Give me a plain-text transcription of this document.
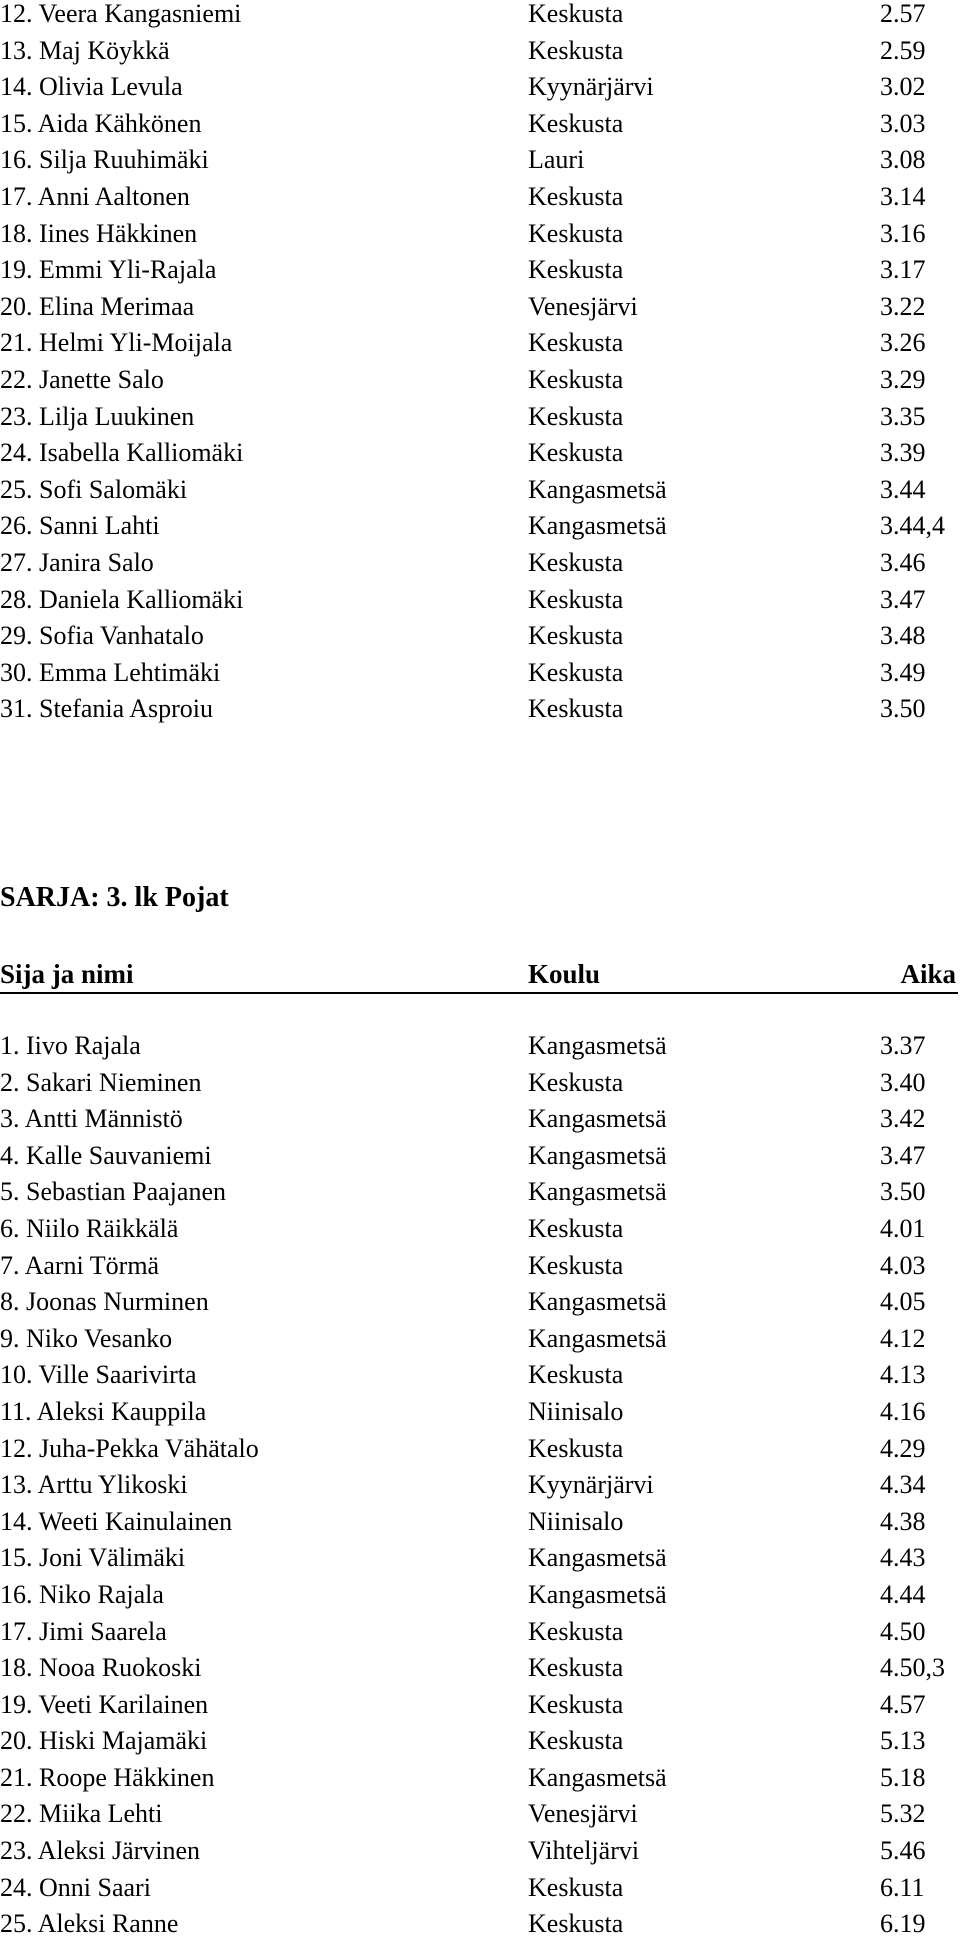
12. Veera Kangasniemi	Keskusta	2.57
13. Maj Köykkä	Keskusta	2.59
14. Olivia Levula	Kyynärjärvi	3.02
15. Aida Kähkönen	Keskusta	3.03
16. Silja Ruuhimäki	Lauri	3.08
17. Anni Aaltonen	Keskusta	3.14
18. Iines Häkkinen	Keskusta	3.16
19. Emmi Yli-Rajala	Keskusta	3.17
20. Elina Merimaa	Venesjärvi	3.22
21. Helmi Yli-Moijala	Keskusta	3.26
22. Janette Salo	Keskusta	3.29
23. Lilja Luukinen	Keskusta	3.35
24. Isabella Kalliomäki	Keskusta	3.39
25. Sofi Salomäki	Kangasmetsä	3.44
26. Sanni Lahti	Kangasmetsä	3.44,4
27. Janira Salo	Keskusta	3.46
28. Daniela Kalliomäki	Keskusta	3.47
29. Sofia Vanhatalo	Keskusta	3.48
30. Emma Lehtimäki	Keskusta	3.49
31. Stefania Asproiu	Keskusta	3.50
SARJA: 3. lk Pojat
Sija ja nimi	Koulu	Aika
1. Iivo Rajala	Kangasmetsä	3.37
2. Sakari Nieminen	Keskusta	3.40
3. Antti Männistö	Kangasmetsä	3.42
4. Kalle Sauvaniemi	Kangasmetsä	3.47
5. Sebastian Paajanen	Kangasmetsä	3.50
6. Niilo Räikkälä	Keskusta	4.01
7. Aarni Törmä	Keskusta	4.03
8. Joonas Nurminen	Kangasmetsä	4.05
9. Niko Vesanko	Kangasmetsä	4.12
10. Ville Saarivirta	Keskusta	4.13
11. Aleksi Kauppila	Niinisalo	4.16
12. Juha-Pekka Vähätalo	Keskusta	4.29
13. Arttu Ylikoski	Kyynärjärvi	4.34
14. Weeti Kainulainen	Niinisalo	4.38
15. Joni Välimäki	Kangasmetsä	4.43
16. Niko Rajala	Kangasmetsä	4.44
17. Jimi Saarela	Keskusta	4.50
18. Nooa Ruokoski	Keskusta	4.50,3
19. Veeti Karilainen	Keskusta	4.57
20. Hiski Majamäki	Keskusta	5.13
21. Roope Häkkinen	Kangasmetsä	5.18
22. Miika Lehti	Venesjärvi	5.32
23. Aleksi Järvinen	Vihteljärvi	5.46
24. Onni Saari	Keskusta	6.11
25. Aleksi Ranne	Keskusta	6.19
